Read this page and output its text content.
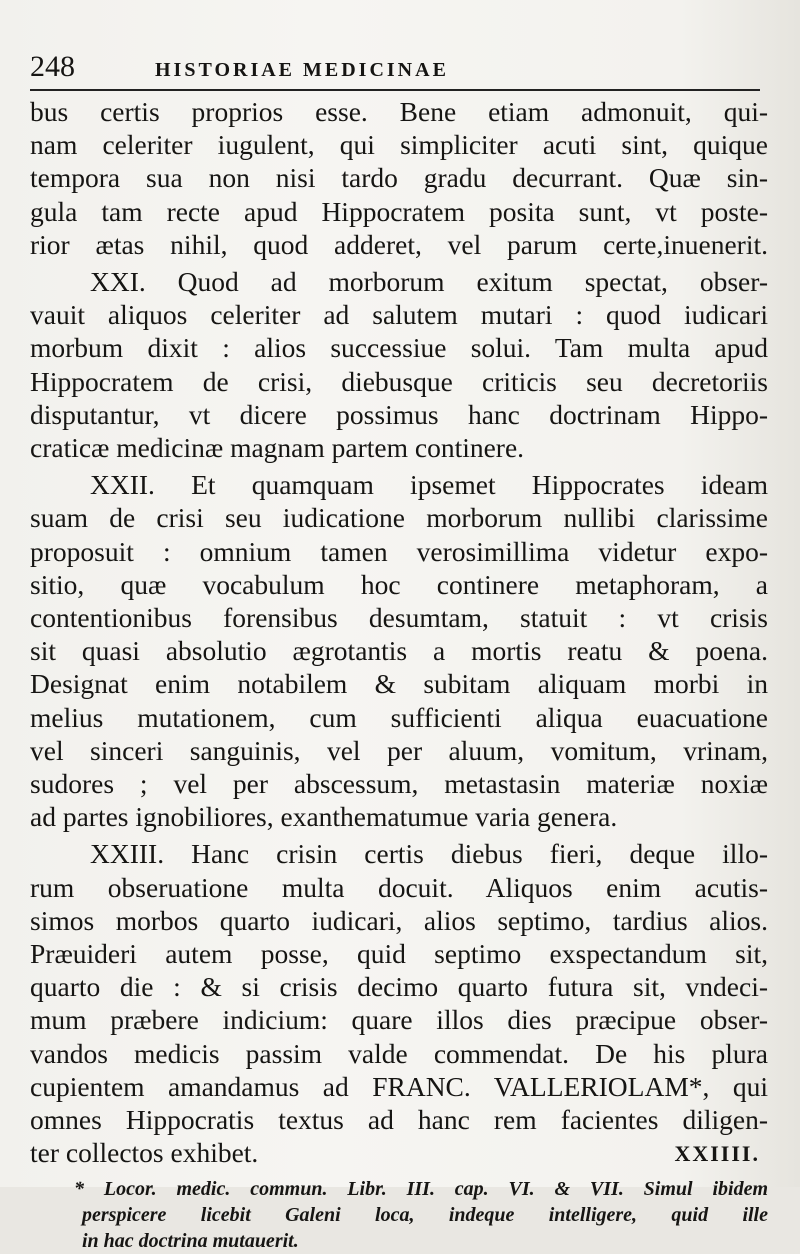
248	HISTORIAE MEDICINAE
bus certis proprios esse. Bene etiam admonuit, qui-
nam celeriter iugulent, qui simpliciter acuti sint, quique
tempora sua non nisi tardo gradu decurrant. Quæ sin-
gula tam recte apud Hippocratem posita sunt, vt poste-
rior ætas nihil, quod adderet, vel parum certe,inuenerit.
XXI. Quod ad morborum exitum spectat, obser-
vauit aliquos celeriter ad salutem mutari : quod iudicari
morbum dixit : alios successiue solui. Tam multa apud
Hippocratem de crisi, diebusque criticis seu decretoriis
disputantur, vt dicere possimus hanc doctrinam Hippo-
craticæ medicinæ magnam partem continere.
XXII. Et quamquam ipsemet Hippocrates ideam
suam de crisi seu iudicatione morborum nullibi clarissime
proposuit : omnium tamen verosimillima videtur expo-
sitio, quæ vocabulum hoc continere metaphoram, a
contentionibus forensibus desumtam, statuit : vt crisis
sit quasi absolutio ægrotantis a mortis reatu & poena.
Designat enim notabilem & subitam aliquam morbi in
melius mutationem, cum sufficienti aliqua euacuatione
vel sinceri sanguinis, vel per aluum, vomitum, vrinam,
sudores ; vel per abscessum, metastasin materiæ noxiæ
ad partes ignobiliores, exanthematumue varia genera.
XXIII. Hanc crisin certis diebus fieri, deque illo-
rum obseruatione multa docuit. Aliquos enim acutis-
simos morbos quarto iudicari, alios septimo, tardius alios.
Præuideri autem posse, quid septimo exspectandum sit,
quarto die : & si crisis decimo quarto futura sit, vndeci-
mum præbere indicium: quare illos dies præcipue obser-
vandos medicis passim valde commendat. De his plura
cupientem amandamus ad FRANC. VALLERIOLAM*, qui
omnes Hippocratis textus ad hanc rem facientes diligen-
ter collectos exhibet.
* Locor. medic. commun. Libr. III. cap. VI. & VII. Simul ibidem
perspicere licebit Galeni loca, indeque intelligere, quid ille
in hac doctrina mutauerit.
XXIIII.
